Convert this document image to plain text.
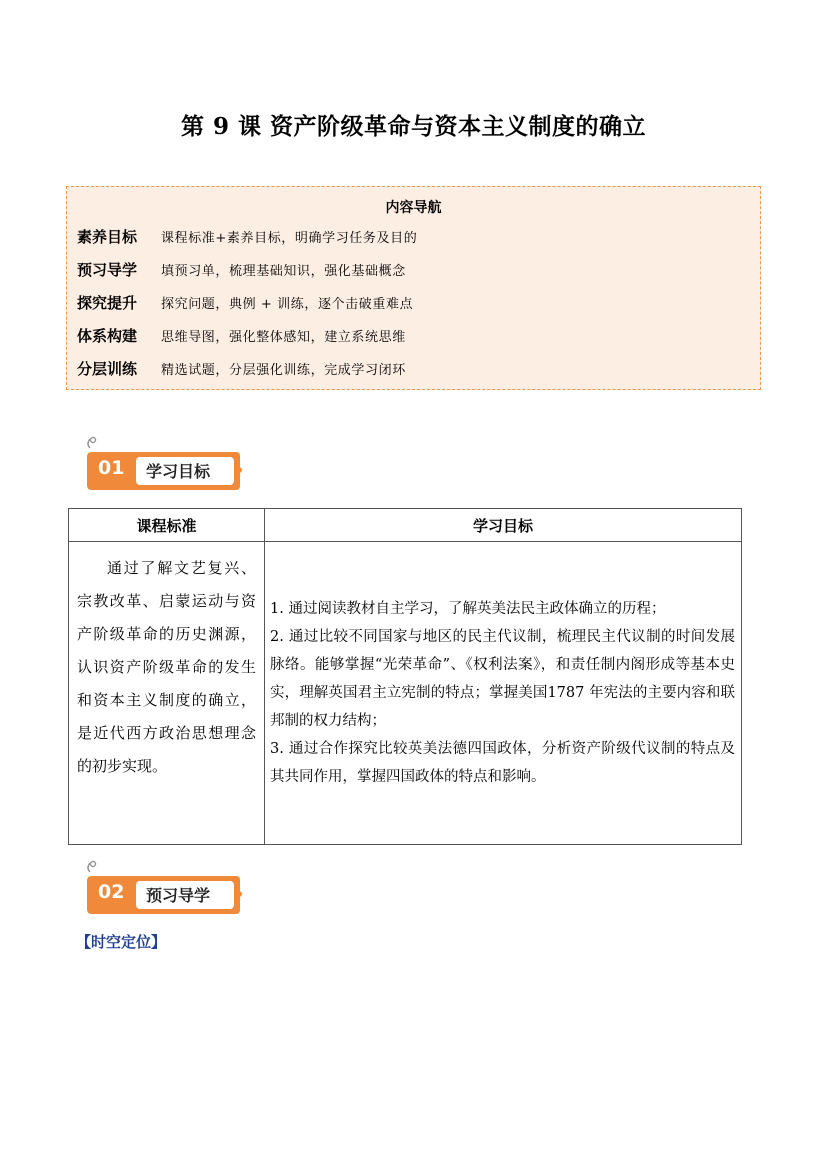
第 9 课 资产阶级革命与资本主义制度的确立
内容导航
素养目标	课程标准+素养目标，明确学习任务及目的
预习导学	填预习单，梳理基础知识，强化基础概念
探究提升	探究问题，典例 + 训练，逐个击破重难点
体系构建	思维导图，强化整体感知，建立系统思维
分层训练	精选试题，分层强化训练，完成学习闭环
01 学习目标
课程标准	学习目标
通过了解文艺复兴、宗教改革、启蒙运动与资产阶级革命的历史渊源，认识资产阶级革命的发生和资本主义制度的确立，是近代西方政治思想理念的初步实现。	1. 通过阅读教材自主学习，了解英美法民主政体确立的历程；

2. 通过比较不同国家与地区的民主代议制，梳理民主代议制的时间发展脉络。能够掌握“光荣革命”、《权利法案》，和责任制内阁形成等基本史实，理解英国君主立宪制的特点；掌握美国1787 年宪法的主要内容和联邦制的权力结构；

3. 通过合作探究比较英美法德四国政体，分析资产阶级代议制的特点及其共同作用，掌握四国政体的特点和影响。

02 预习导学
【时空定位】
